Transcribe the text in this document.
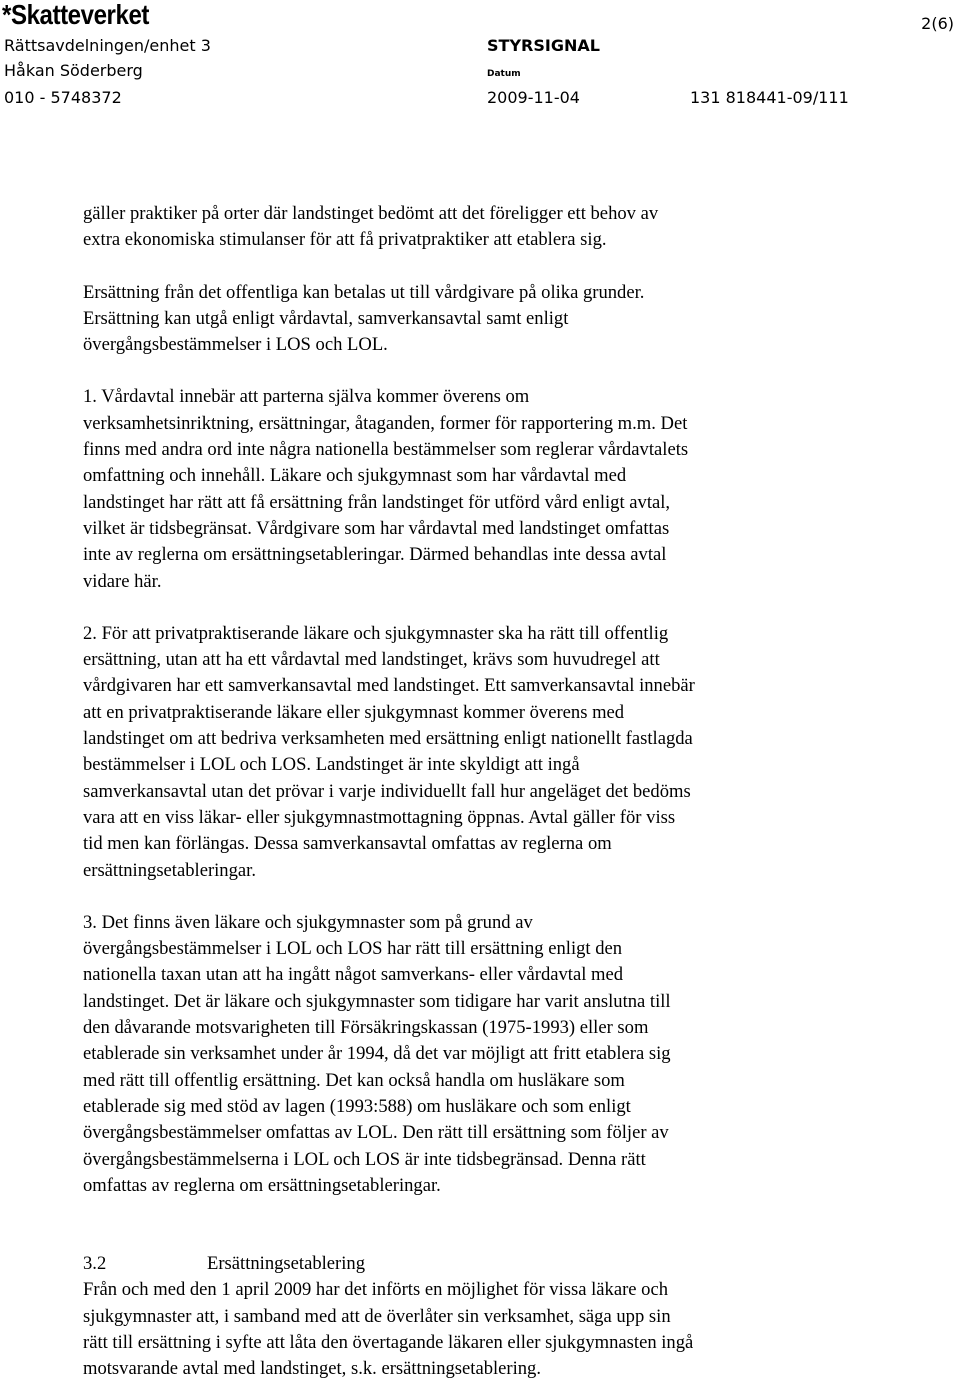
*Skatteverket
Rättsavdelningen/enhet 3
Håkan Söderberg
010 - 5748372
STYRSIGNAL
Datum
2009-11-04	131 818441-09/111
2(6)

gäller praktiker på orter där landstinget bedömt att det föreligger ett behov av
extra ekonomiska stimulanser för att få privatpraktiker att etablera sig.

Ersättning från det offentliga kan betalas ut till vårdgivare på olika grunder.
Ersättning kan utgå enligt vårdavtal, samverkansavtal samt enligt
övergångsbestämmelser i LOS och LOL.

1. Vårdavtal innebär att parterna själva kommer överens om
verksamhetsinriktning, ersättningar, åtaganden, former för rapportering m.m. Det
finns med andra ord inte några nationella bestämmelser som reglerar vårdavtalets
omfattning och innehåll. Läkare och sjukgymnast som har vårdavtal med
landstinget har rätt att få ersättning från landstinget för utförd vård enligt avtal,
vilket är tidsbegränsat. Vårdgivare som har vårdavtal med landstinget omfattas
inte av reglerna om ersättningsetableringar. Därmed behandlas inte dessa avtal
vidare här.

2. För att privatpraktiserande läkare och sjukgymnaster ska ha rätt till offentlig
ersättning, utan att ha ett vårdavtal med landstinget, krävs som huvudregel att
vårdgivaren har ett samverkansavtal med landstinget. Ett samverkansavtal innebär
att en privatpraktiserande läkare eller sjukgymnast kommer överens med
landstinget om att bedriva verksamheten med ersättning enligt nationellt fastlagda
bestämmelser i LOL och LOS. Landstinget är inte skyldigt att ingå
samverkansavtal utan det prövar i varje individuellt fall hur angeläget det bedöms
vara att en viss läkar- eller sjukgymnastmottagning öppnas. Avtal gäller för viss
tid men kan förlängas. Dessa samverkansavtal omfattas av reglerna om
ersättningsetableringar.

3. Det finns även läkare och sjukgymnaster som på grund av
övergångsbestämmelser i LOL och LOS har rätt till ersättning enligt den
nationella taxan utan att ha ingått något samverkans- eller vårdavtal med
landstinget. Det är läkare och sjukgymnaster som tidigare har varit anslutna till
den dåvarande motsvarigheten till Försäkringskassan (1975-1993) eller som
etablerade sin verksamhet under år 1994, då det var möjligt att fritt etablera sig
med rätt till offentlig ersättning. Det kan också handla om husläkare som
etablerade sig med stöd av lagen (1993:588) om husläkare och som enligt
övergångsbestämmelser omfattas av LOL. Den rätt till ersättning som följer av
övergångsbestämmelserna i LOL och LOS är inte tidsbegränsad. Denna rätt
omfattas av reglerna om ersättningsetableringar.

3.2	Ersättningsetablering

Från och med den 1 april 2009 har det införts en möjlighet för vissa läkare och
sjukgymnaster att, i samband med att de överlåter sin verksamhet, säga upp sin
rätt till ersättning i syfte att låta den övertagande läkaren eller sjukgymnasten ingå
motsvarande avtal med landstinget, s.k. ersättningsetablering.
